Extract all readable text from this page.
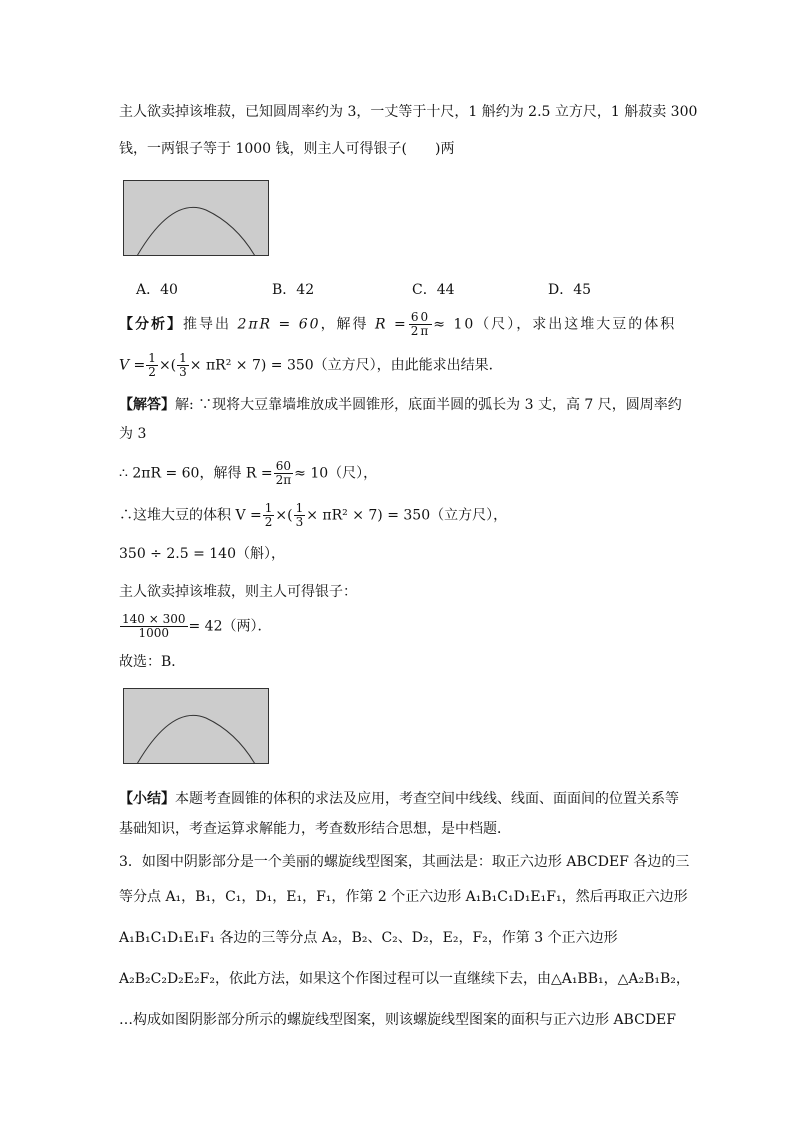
主人欲卖掉该堆菽，已知圆周率约为 3，一丈等于十尺，1 斛约为 2.5 立方尺，1 斛菽卖 300
钱，一两银子等于 1000 钱，则主人可得银子(　　)两
A．40	B．42	C．44	D．45
【分析】推导出 2πR = 60，解得 $R = \frac{60}{2\pi} \approx 10$（尺），求出这堆大豆的体积
$V = \frac{1}{2}$ ×( $\frac{1}{3} \times \pi R^2 \times 7) = 350$（立方尺），由此能求出结果．
【解答】解: ∵现将大豆靠墙堆放成半圆锥形，底面半圆的弧长为 3 丈，高 7 尺，圆周率约
为 3
∴ 2πR = 60，解得 $R = \frac{60}{2\pi} \approx 10$（尺），
∴这堆大豆的体积 $V = \frac{1}{2}$ ×( $\frac{1}{3} \times \pi R^2 \times 7) = 350$（立方尺），
350 ÷ 2.5 = 140（斛），
主人欲卖掉该堆菽，则主人可得银子：
$\frac{140 \times 300}{1000} = 42$（两）．
故选：B．
【小结】本题考查圆锥的体积的求法及应用，考查空间中线线、线面、面面间的位置关系等
基础知识，考查运算求解能力，考查数形结合思想，是中档题．
3．如图中阴影部分是一个美丽的螺旋线型图案，其画法是：取正六边形 ABCDEF 各边的三
等分点 A₁，B₁，C₁，D₁，E₁，F₁，作第 2 个正六边形 A₁B₁C₁D₁E₁F₁，然后再取正六边形
A₁B₁C₁D₁E₁F₁ 各边的三等分点 A₂，B₂、C₂、D₂，E₂，F₂，作第 3 个正六边形
A₂B₂C₂D₂E₂F₂，依此方法，如果这个作图过程可以一直继续下去，由△A₁BB₁，△A₂B₁B₂，
…构成如图阴影部分所示的螺旋线型图案，则该螺旋线型图案的面积与正六边形 ABCDEF
